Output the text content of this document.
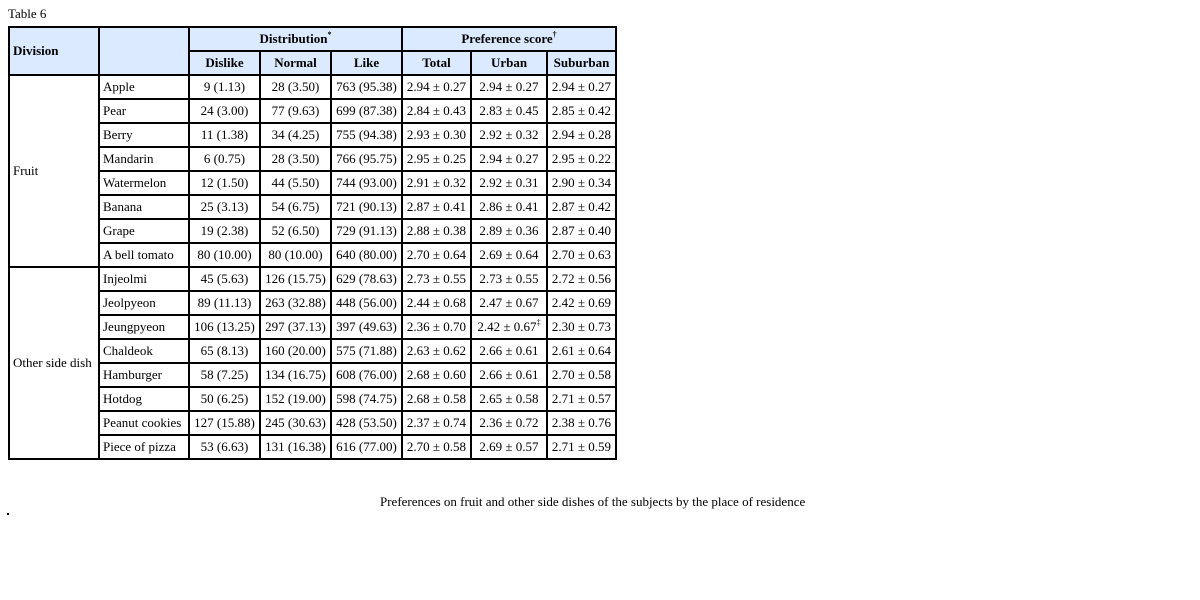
Table 6
Division		Distribution*			Preference score†
		Dislike	Normal	Like	Total	Urban	Suburban
Fruit	Apple	9 (1.13)	28 (3.50)	763 (95.38)	2.94 ± 0.27	2.94 ± 0.27	2.94 ± 0.27
	Pear	24 (3.00)	77 (9.63)	699 (87.38)	2.84 ± 0.43	2.83 ± 0.45	2.85 ± 0.42
	Berry	11 (1.38)	34 (4.25)	755 (94.38)	2.93 ± 0.30	2.92 ± 0.32	2.94 ± 0.28
	Mandarin	6 (0.75)	28 (3.50)	766 (95.75)	2.95 ± 0.25	2.94 ± 0.27	2.95 ± 0.22
	Watermelon	12 (1.50)	44 (5.50)	744 (93.00)	2.91 ± 0.32	2.92 ± 0.31	2.90 ± 0.34
	Banana	25 (3.13)	54 (6.75)	721 (90.13)	2.87 ± 0.41	2.86 ± 0.41	2.87 ± 0.42
	Grape	19 (2.38)	52 (6.50)	729 (91.13)	2.88 ± 0.38	2.89 ± 0.36	2.87 ± 0.40
	A bell tomato	80 (10.00)	80 (10.00)	640 (80.00)	2.70 ± 0.64	2.69 ± 0.64	2.70 ± 0.63
Other side dish	Injeolmi	45 (5.63)	126 (15.75)	629 (78.63)	2.73 ± 0.55	2.73 ± 0.55	2.72 ± 0.56
	Jeolpyeon	89 (11.13)	263 (32.88)	448 (56.00)	2.44 ± 0.68	2.47 ± 0.67	2.42 ± 0.69
	Jeungpyeon	106 (13.25)	297 (37.13)	397 (49.63)	2.36 ± 0.70	2.42 ± 0.67‡	2.30 ± 0.73
	Chaldeok	65 (8.13)	160 (20.00)	575 (71.88)	2.63 ± 0.62	2.66 ± 0.61	2.61 ± 0.64
	Hamburger	58 (7.25)	134 (16.75)	608 (76.00)	2.68 ± 0.60	2.66 ± 0.61	2.70 ± 0.58
	Hotdog	50 (6.25)	152 (19.00)	598 (74.75)	2.68 ± 0.58	2.65 ± 0.58	2.71 ± 0.57
	Peanut cookies	127 (15.88)	245 (30.63)	428 (53.50)	2.37 ± 0.74	2.36 ± 0.72	2.38 ± 0.76
	Piece of pizza	53 (6.63)	131 (16.38)	616 (77.00)	2.70 ± 0.58	2.69 ± 0.57	2.71 ± 0.59
Preferences on fruit and other side dishes of the subjects by the place of residence
